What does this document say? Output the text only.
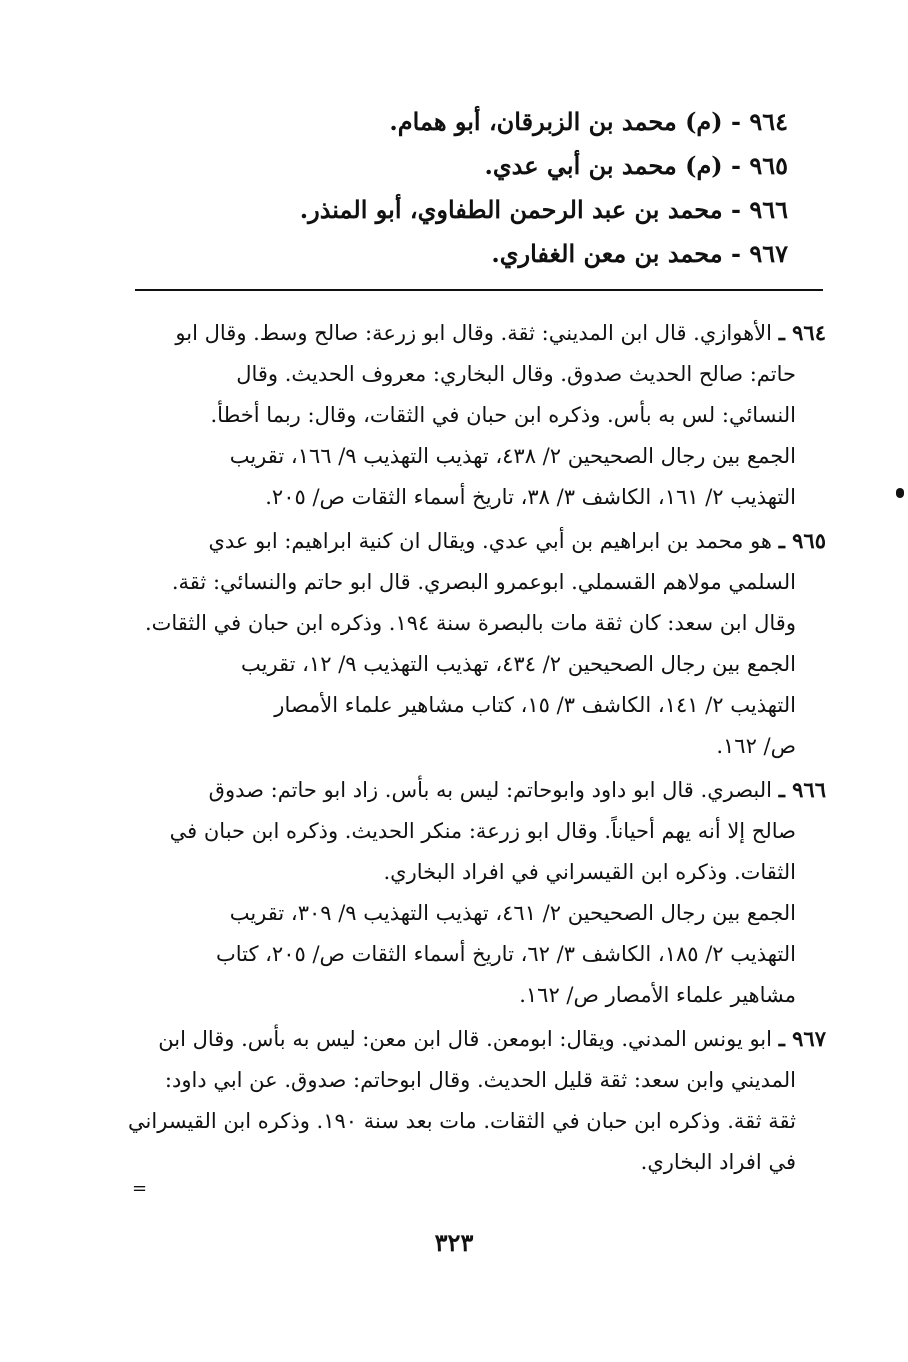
٩٦٤ - (م) محمد بن الزبرقان، أبو همام.
٩٦٥ - (م) محمد بن أبي عدي.
٩٦٦ - محمد بن عبد الرحمن الطفاوي، أبو المنذر.
٩٦٧ - محمد بن معن الغفاري.
٩٦٤ ـ الأهوازي. قال ابن المديني: ثقة. وقال ابو زرعة: صالح وسط. وقال ابو
حاتم: صالح الحديث صدوق. وقال البخاري: معروف الحديث. وقال
النسائي: لس به بأس. وذكره ابن حبان في الثقات، وقال: ربما أخطأ.
الجمع بين رجال الصحيحين ٢/ ٤٣٨، تهذيب التهذيب ٩/ ١٦٦، تقريب
التهذيب ٢/ ١٦١، الكاشف ٣/ ٣٨، تاريخ أسماء الثقات ص/ ٢٠٥.
٩٦٥ ـ هو محمد بن ابراهيم بن أبي عدي. ويقال ان كنية ابراهيم: ابو عدي
السلمي مولاهم القسملي. ابوعمرو البصري. قال ابو حاتم والنسائي: ثقة.
وقال ابن سعد: كان ثقة مات بالبصرة سنة ١٩٤. وذكره ابن حبان في الثقات.
الجمع بين رجال الصحيحين ٢/ ٤٣٤، تهذيب التهذيب ٩/ ١٢، تقريب
التهذيب ٢/ ١٤١، الكاشف ٣/ ١٥، كتاب مشاهير علماء الأمصار
ص/ ١٦٢.
٩٦٦ ـ البصري. قال ابو داود وابوحاتم: ليس به بأس. زاد ابو حاتم: صدوق
صالح إلا أنه يهم أحياناً. وقال ابو زرعة: منكر الحديث. وذكره ابن حبان في
الثقات. وذكره ابن القيسراني في افراد البخاري.
الجمع بين رجال الصحيحين ٢/ ٤٦١، تهذيب التهذيب ٩/ ٣٠٩، تقريب
التهذيب ٢/ ١٨٥، الكاشف ٣/ ٦٢، تاريخ أسماء الثقات ص/ ٢٠٥، كتاب
مشاهير علماء الأمصار ص/ ١٦٢.
٩٦٧ ـ ابو يونس المدني. ويقال: ابومعن. قال ابن معن: ليس به بأس. وقال ابن
المديني وابن سعد: ثقة قليل الحديث. وقال ابوحاتم: صدوق. عن ابي داود:
ثقة ثقة. وذكره ابن حبان في الثقات. مات بعد سنة ١٩٠. وذكره ابن القيسراني
في افراد البخاري.
=
٣٢٣
